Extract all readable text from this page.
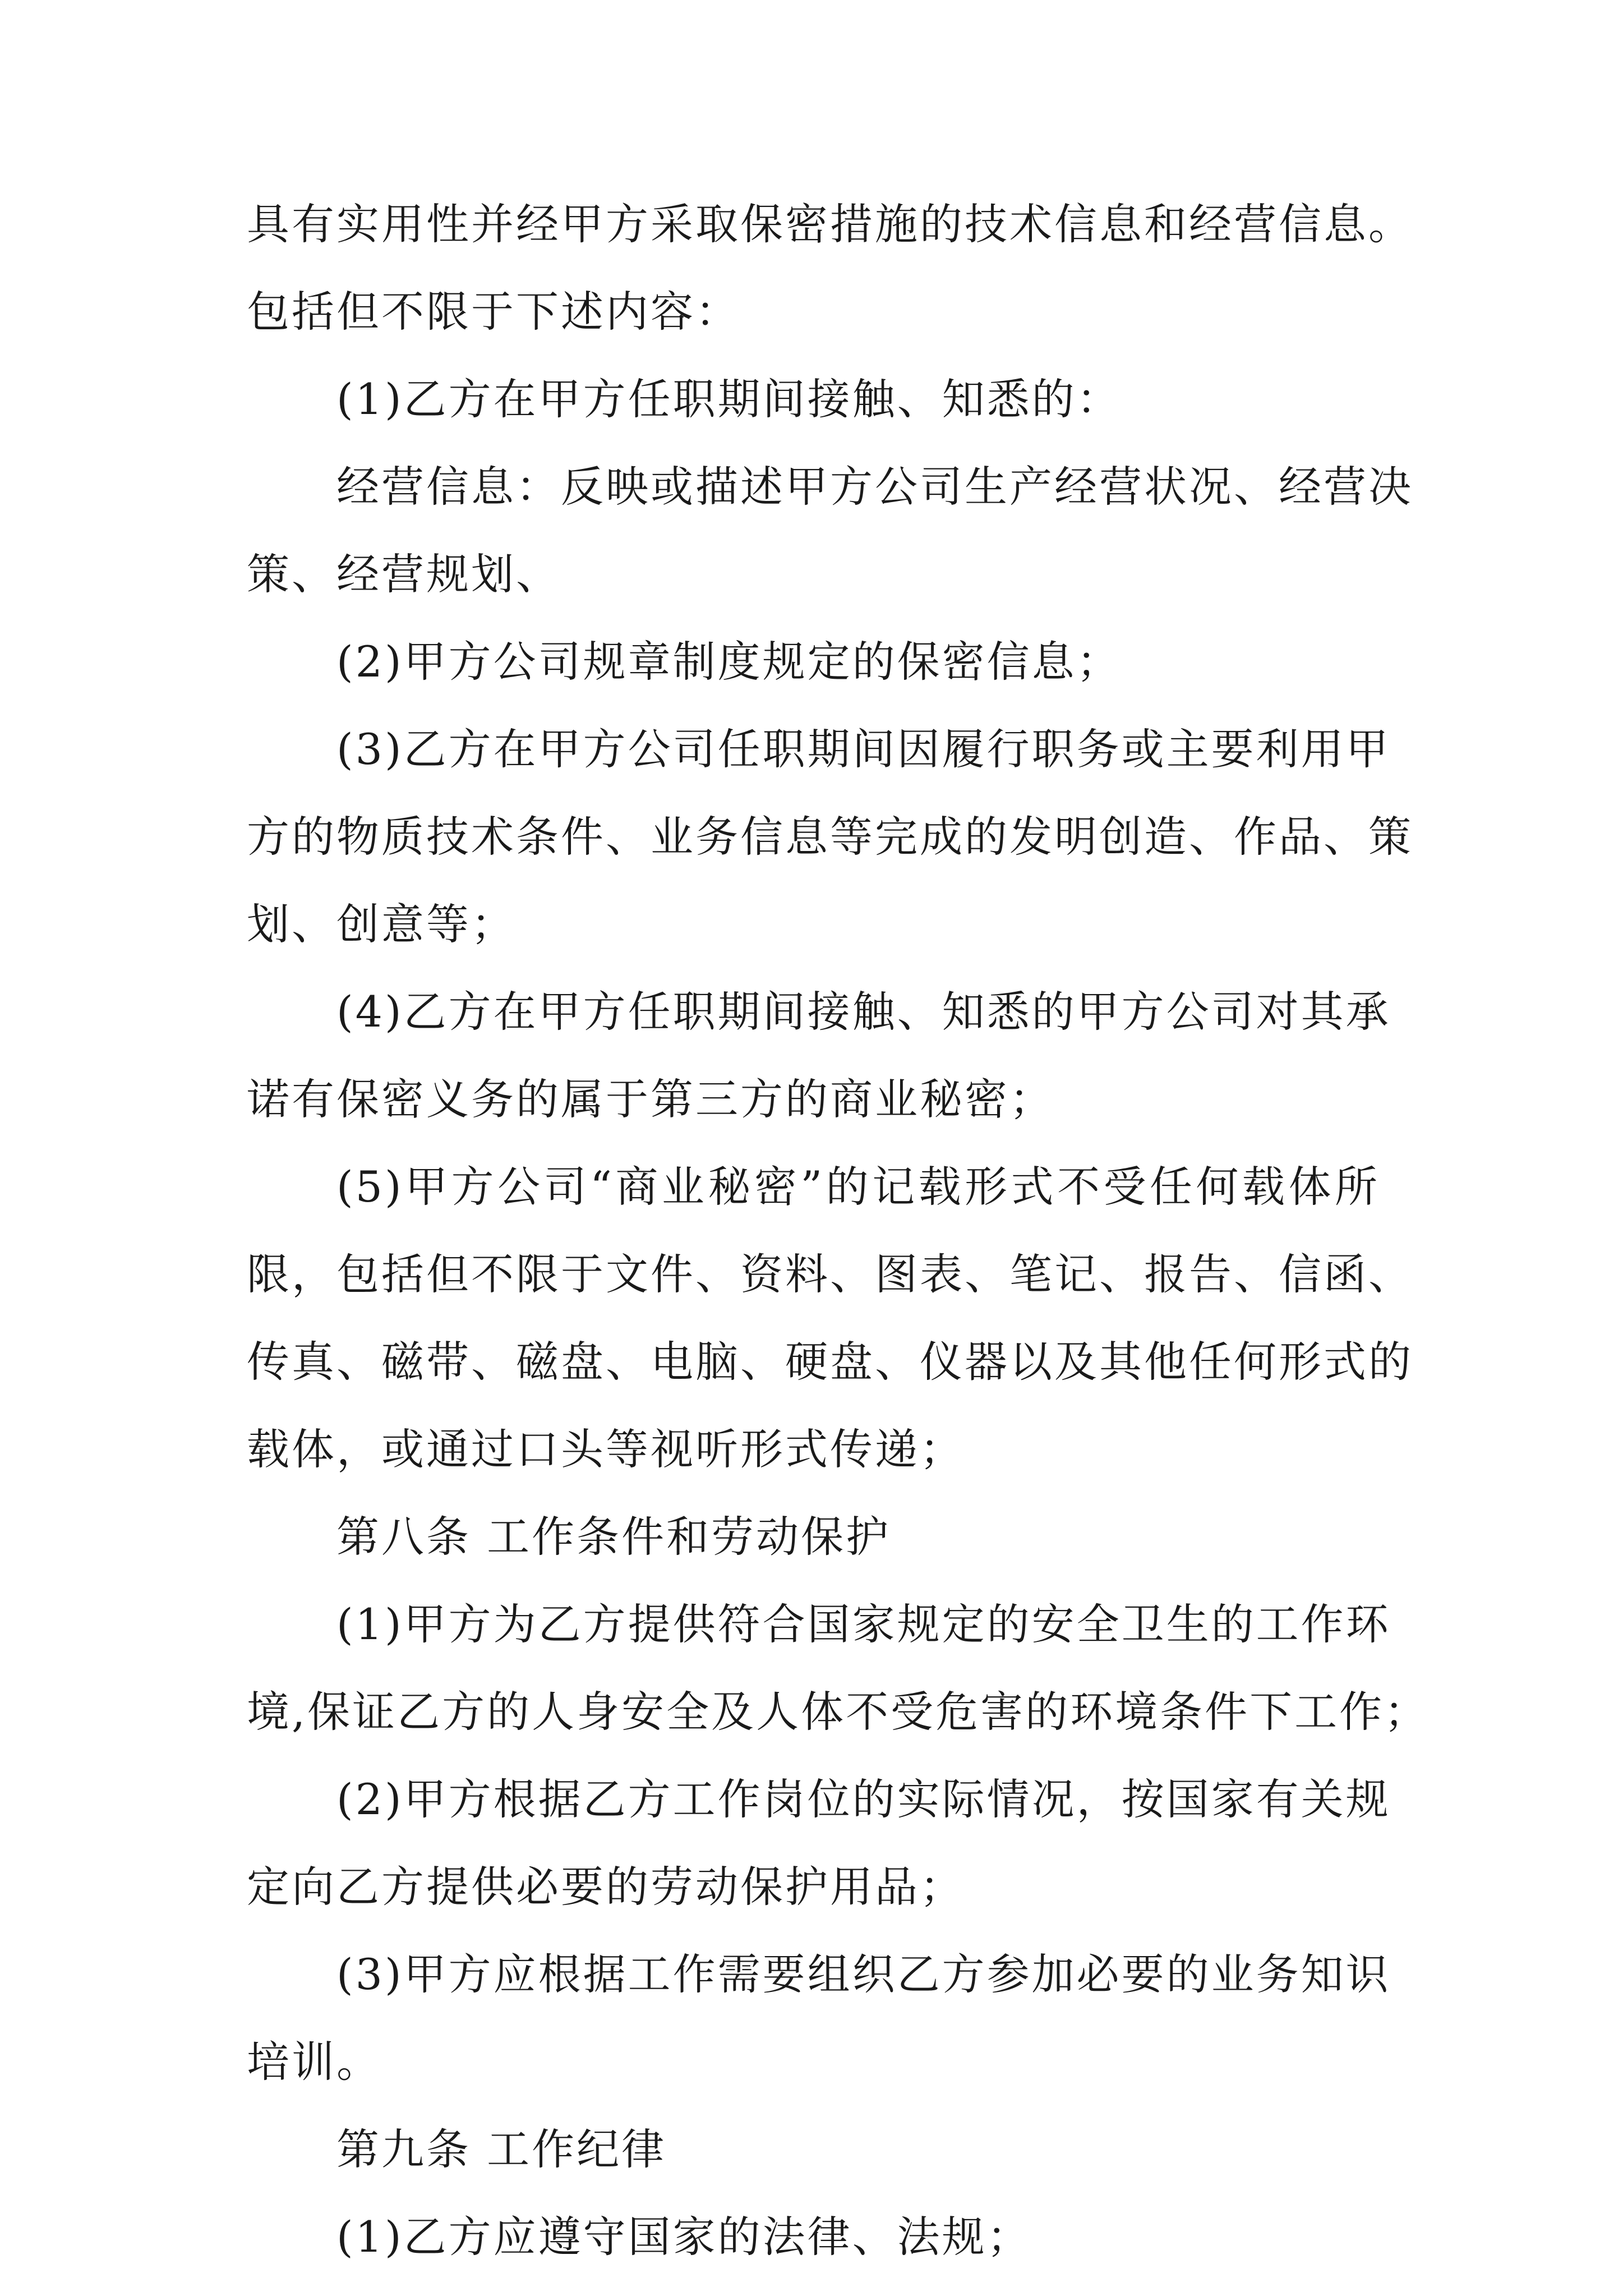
具有实用性并经甲方采取保密措施的技术信息和经营信息。
包括但不限于下述内容：
(1)乙方在甲方任职期间接触、知悉的：
经营信息：反映或描述甲方公司生产经营状况、经营决
策、经营规划、
(2)甲方公司规章制度规定的保密信息；
(3)乙方在甲方公司任职期间因履行职务或主要利用甲
方的物质技术条件、业务信息等完成的发明创造、作品、策
划、创意等；
(4)乙方在甲方任职期间接触、知悉的甲方公司对其承
诺有保密义务的属于第三方的商业秘密；
(5)甲方公司“商业秘密”的记载形式不受任何载体所
限，包括但不限于文件、资料、图表、笔记、报告、信函、
传真、磁带、磁盘、电脑、硬盘、仪器以及其他任何形式的
载体，或通过口头等视听形式传递；
第八条 工作条件和劳动保护
(1)甲方为乙方提供符合国家规定的安全卫生的工作环
境,保证乙方的人身安全及人体不受危害的环境条件下工作；
(2)甲方根据乙方工作岗位的实际情况，按国家有关规
定向乙方提供必要的劳动保护用品；
(3)甲方应根据工作需要组织乙方参加必要的业务知识
培训。
第九条 工作纪律
(1)乙方应遵守国家的法律、法规；
